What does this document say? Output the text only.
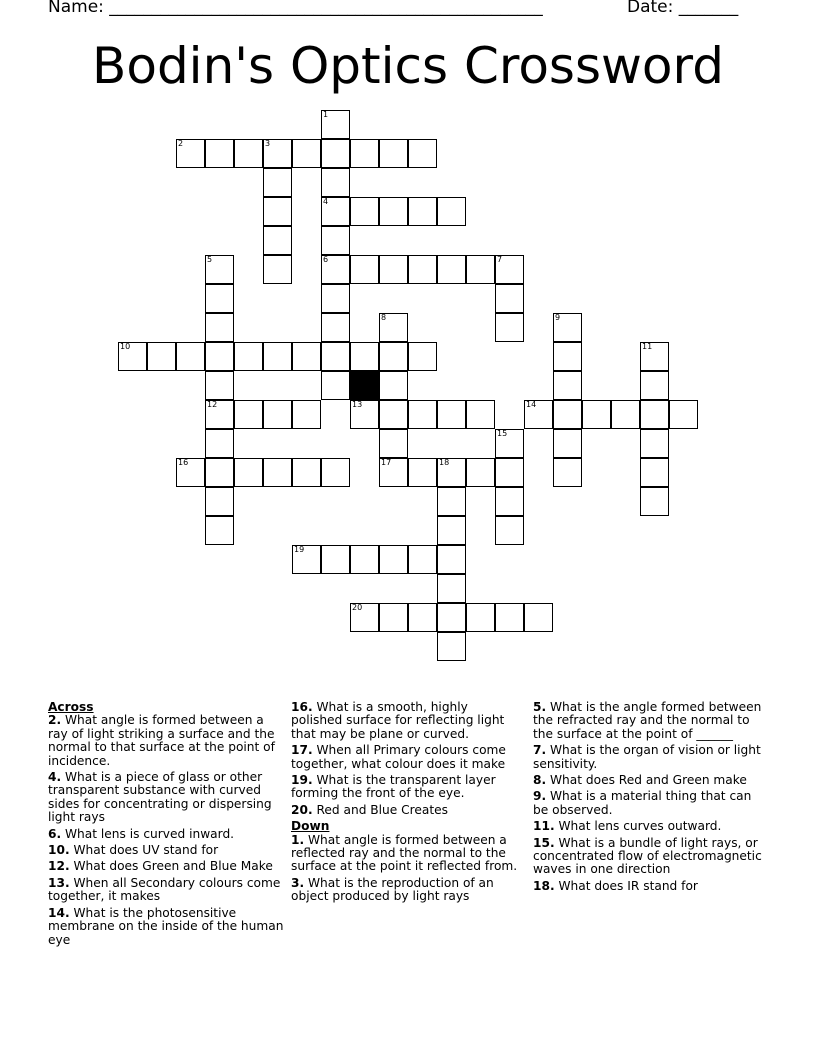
Name: ___________________________________________________	Date: _______
Bodin's Optics Crossword
1
2	3
4
5	6	7
8	9
10	11
12	13	14
15
16	17	18
19
20
Across
2. What angle is formed between a ray of light striking a surface and the normal to that surface at the point of incidence.
4. What is a piece of glass or other transparent substance with curved sides for concentrating or dispersing light rays
6. What lens is curved inward.
10. What does UV stand for
12. What does Green and Blue Make
13. When all Secondary colours come together, it makes
14. What is the photosensitive membrane on the inside of the human eye
16. What is a smooth, highly polished surface for reflecting light that may be plane or curved.
17. When all Primary colours come together, what colour does it make
19. What is the transparent layer forming the front of the eye.
20. Red and Blue Creates
Down
1. What angle is formed between a reflected ray and the normal to the surface at the point it reflected from.
3. What is the reproduction of an object produced by light rays
5. What is the angle formed between the refracted ray and the normal to the surface at the point of ______
7. What is the organ of vision or light sensitivity.
8. What does Red and Green make
9. What is a material thing that can be observed.
11. What lens curves outward.
15. What is a bundle of light rays, or concentrated flow of electromagnetic waves in one direction
18. What does IR stand for
